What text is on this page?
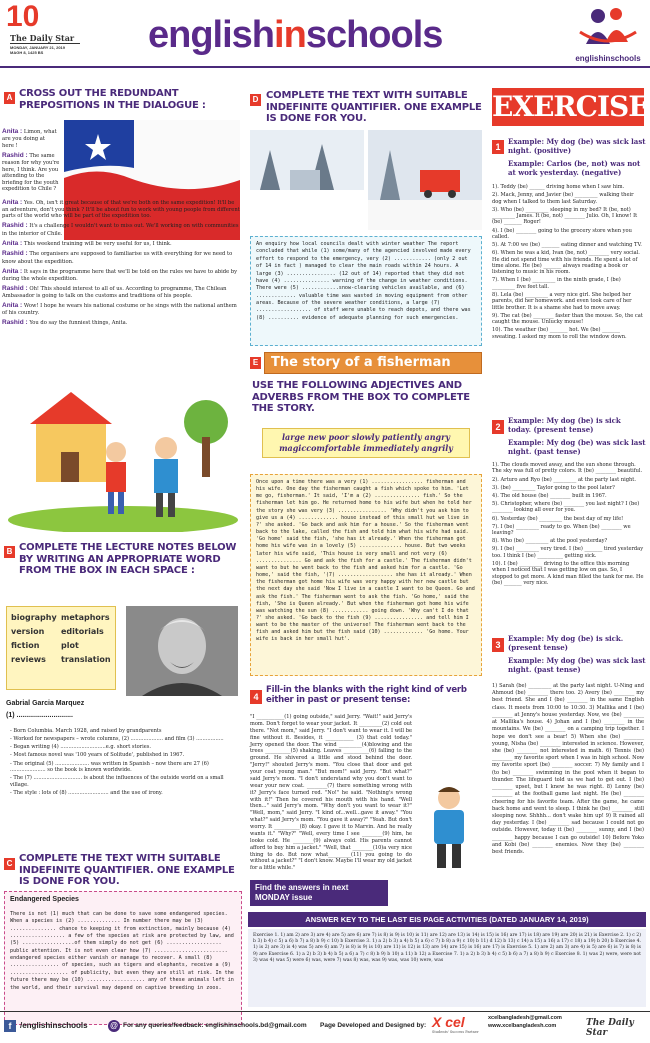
10
The Daily Star
MONDAY, JANUARY 21, 2019
MAGH 8, 1425 BS	englishinschools
englishinschools
A CROSS OUT THE REDUNDANT PREPOSITIONS IN THE DIALOGUE :

Anita : Limon, what are you doing at here !

Rashid : The same reason for why you're here, I think. Are you attending to the briefing for the youth expedition to Chile ?

Anita : Yes. Oh, isn't it great because of that we're both on the same expedition! It'll be an adventure, don't you think ? It'll be about fun to work with young people from different parts of the world who will be part of the expedition too.

Rashid : It's a challenge I wouldn't want to miss out. We'll working on with communities in the interior of Chile.

Anita : This weekend training will be very useful for us, I think.

Rashid : The organisers are supposed to familiarise us with everything for we need to know about the expedition.

Anita : It says in the programme here that we'll be told on the rules we have to abide by during the whole expedition.

Rashid : Oh! This should interest to all of us. According to programme, The Chilean Ambassador is going to talk on the customs and traditions of his people.

Anita : Wow! I hope he wears his national costume or he sings with the national anthem of his country.

Rashid : You do say the funniest things, Anita.

B COMPLETE THE LECTURE NOTES BELOW BY WRITING AN APPROPRIATE WORD FROM THE BOX IN EACH SPACE :
biography metaphors
version	editorials
fiction	plot
reviews	translation
Gabrial Garcia Marquez
(1) .............................

- Born Columbia. March 1928, and raised by grandparents

- Worked for newspapers – wrote columns, (2) .................... and film (3) .................

- Began writing (4) ............................e.g. short stories.

- Most famous novel was '100 years of Solitude', published in 1967.

- The original (5) ..................... was written in Spanish – now there are 27 (6) ...................... so the book is known worldwide.

- The (7) .............................. is about the influences of the outside world on a small village.

- The style : lots of (8) ......................... and the use of irony.

C COMPLETE THE TEXT WITH SUITABLE INDEFINITE QUANTIFIER. ONE EXAMPLE IS DONE FOR YOU.
Endangered Species
There is not (1) much that can be done to save some endangered species. When a species is (2) .............. In number there may be (3) ............... chance to keeping it from extinction, mainly because (4) .................. a few of the species at risk are protected by law, and (5) .................of them simply do not get (6) .................. public attention. It is not even clear how (7) ........................ endangered species either vanish or manage to recover. A small (8) ................ of species, such as tigers and elephants, receive a (9) ................... of publicity, but even they are still at risk. In the future there may be (10) ................... any of these animals left in the world, and their survival may depend on captive breeding in zoos.
D COMPLETE THE TEXT WITH SUITABLE INDEFINITE QUANTIFIER. ONE EXAMPLE IS DONE FOR YOU.
An enquiry how local councils dealt with winter weather The report concluded that while (1) some/many of the agencied involved made every effort to respond to the emergency, very (2) ............ (only 2 out of 14 in fact ) managed to clear the main roads within 24 hours. A large (3) ................ (12 out of 14) reported that they did not have (4) ............... warning of the change in weather conditions. There were (5) ............snow-clearing vehicles available, and (6) ............. valuable time was wasted in moving equipment from other areas. Because of the severe weather conditions, a large (7) .................. of staff were unable to reach depots, and there was (8) .......... evidence of adequate planning for such emergencies.
E The story of a fisherman
USE THE FOLLOWING ADJECTIVES AND ADVERBS FROM THE BOX TO COMPLETE THE STORY.
large new poor slowly patiently angry magiccomfortable immediately angrily
Once upon a time there was a very (1) ................. fisherman and his wife. One day the fisherman caught a fish which spoke to him. 'Let me go, fisherman.' It said, 'I'm a (2) ............... fish.' So the fisherman let him go. He returned home to his wife but when he told her the story she was very (3) ................ 'Why didn't you ask him to give us a (4) ............. house instead of this small hut we live in ?' she asked. 'Go back and ask him for a house.' So the fisherman went back to the lake, called the fish and told him what his wife had said. 'Go home' said the fish, 'she has it already.' When the fisherman got home his wife was in a lovely (5) .............. house. But two weeks later his wife said, 'This house is very small and not very (6) ............... Go and ask the fish for a castle.' The fisherman didn't want to but he went back to the fish and asked him for a castle. 'Go home,' said the fish, '(7) .................. she has it already.' When the fisherman got home his wife was very happy with her new castle but the next day she said 'Now I live in a castle I want to be Queen. Go and ask the fish.' The fisherman went to ask the fish. 'Go home,' said the fish, 'She is Queen already.' But when the fisherman got home his wife was watching the sun (8) ............ going down. 'Why can't I do that ?' she asked. 'Go back to the fish (9) ................ and tell him I want to be the master of the universe! The fisherman went back to the fish and asked him but the fish said (10) ............. 'Go home. Your wife is back in her small hut'.
4
Fill-in the blanks with the right kind of verb either in past or present tense:
"I ___________(1) going outside," said Jerry. "Wait!" said Jerry's mom. Don't forget to wear your jacket. It _________(2) cold out there. "Not mom," said Jerry. "I don't want to wear it. I will be fine without it. Besides, it ___________ (3) that cold today." Jerry opened the door. The wind _________(4)blowing and the trees __________(5) shaking. Leaves __________(6) falling to the ground. He shivered a little and stood behind the door. "Jerry!" shouted Jerry's mom. "You close that door and get your coat young man." "But mom!" said Jerry. "But what?" said Jerry's mom. "I don't understand why you don't want to wear your new coat. ________(7) there something wrong with it? Jerry's face turned red. "No!" he said. "Nothing's wrong with it!" Then he covered his mouth with his hand. "Well then..." said Jerry's mom. "Why don't you want to wear it?" "Well, mom," said Jerry. "I kind of...well...gave it away." "You what?" said Jerry's mom. "You gave it away?" "Yeah. But don't worry. It __________(8) okay. I gave it to Marvin. And he really wants it." "Why?" "Well, every time I see ________(9) him, he looke cold. He ________(9) always cold. His parents cannot afford to buy him a jacket." "Well, that ________(10)a very nice thing to do. But now what_________(11) you going to do without a jacket?" "I don't know. Maybe I'll wear my old jacket for a little while."
Find the answers in next MONDAY issue
EXERCISE
1
Example: My dog (be) was sick last night. (positive)
Example: Carlos (be, not) was not at work yesterday. (negative)

1). Teddy (be) ______ driving home when I saw him.

2). Mack, Jenny, and Javier (be) _________ walking their dog when I talked to them last Saturday.

3). Who (be) _________ sleeping in my bed? It (be, not) _________ James. It (be, not) ________ Julio. Oh, I know! It (be) _______ Roger!

4). I (be) ________ going to the grocery store when you called.

5). At 7:00 we (be) _______ eating dinner and watching TV.

6). When he was a kid, Ivan (be, not) ________ very social. He did not spend time with his friends. He spent a lot of time alone. He (be) _______ always reading a book or listening to music in his room.

7). When I (be) _________ in the ninth grade, I (be) _________ five feet tall.

8). Lela (be) _________ a very nice girl. She helped her parents, did her homework. and even took care of her little brother. It is a shame she had to move away.

9). The cat (be) ________ faster than the mouse. So, the cat caught the mouse. Unlucky mouse!

10). The weather (be) _______ hot. We (be) _______ sweating. I asked my mom to roll the window down.

2
Example: My dog (be) is sick today. (present tense)
Example: My dog (be) was sick last night. (past tense)

1). The clouds moved away, and the sun shone through. The sky was full of pretty colors. It (be) ________ beautiful.

2). Arturo and Ryo (be) _________ at the party last night.

3). (be) _________ Taylor going to the pool later?

4). The old house (be) ________ built in 1967.

5). Christopher, where (be) ________ you last night? I (be) ________ looking all over for you.

6). Yesterday (be) _________ the best day of my life!

7). I (be) _________ ready to go. When (be) ________ we leaving?

8). Who (be) _________ at the pool yesterday?

9). I (be) _________ very tired. I (be) _______ tired yesterday too. I think I (be) __________ getting sick.

10). I (be) _________ driving to the office this morning when I noticed that I was getting low on gas. So, I stopped to get more. A kind man filled the tank for me. He (be) _______ very nice.

3
Example: My dog (be) is sick. (present tense)
Example: My dog (be) was sick last night. (past tense)
1) Sarah (be) _________ at the party last night. U-Ning and Ahmoud (be) ________ there too. 2) Avery (be) ________ my best friend. She and I (be) ________ in the same English class. It meets from 10:00 to 10:30. 3) Mallika and I (be) ________ at Jenny's house yesterday. Now, we (be) ________ at Mallika's house. 4) Johan and I (be) ________ in the mountains. We (be) ________ on a camping trip together. I hope we don't see a bear! 5) When she (be) ________ young, Nisha (be) ________ interested in science. However, she (be) ________ not interested in math. 6) Tennis (be) ________ my favorite sport when I was in high school. Now my favorite sport (be) ________ soccer. 7) My family and I (to be) ________ swimming in the pool when it began to thunder. The lifeguard told us we had to get out. I (be) ________ upset, but I knew he was right. 8) Lenny (be) ________ at the football game last night. He (be) ________ cheering for his favorite team. After the game, he came back home and went to sleep. I think he (be) ________ still sleeping now. Shhhh... don't wake him up! 9) It rained all day yesterday. I (be) ________ sad because I could not go outside. However, today it (be) ________ sunny, and I (be) ________ happy because I can go outside! 10) Before Yoko and Kobi (be) ________ enemies. Now they (be) ________ best friends.
ANSWER KEY TO THE LAST EIS PAGE ACTIVITIES (DATED JANUARY 14, 2019)
Exercise 1. 1) am 2) are 3) are 4) are 5) are 6) are 7) is 8) is 9) is 10) is 11) are 12) are 13) is 14) is 15) is 16) are 17) is 18) are 19) are 20) is 21) is Exercise 2. 1) c 2) b 3) b 4) c 5) a 6) b 7) a 8) b 9) c 10) b Exercise 3. 1) a 2) b 3) a 4) b 5) a 6) c 7) b 8) a 9) c 10) b 11) d 12) b 13) c 14) a 15) a 16) a 17) c 18) a 19) b 20) b Exercise 4. 1) is 2) are 3) is 4) was 5) are 6) am 7) is 8) is 9) is 10) are 11) is 12) is 13) are 14) are 15) is 16) are 17) is Exercise 5. 1) are 2) am 3) are 4) is 5) are 6) is 7) is 8) is 9) are Exercise 6. 1) a 2) b 3) b 4) b 5) a 6) a 7) c 8) b 9) b 10) a 11) b 12) a Exercise 7. 1) a 2) b 3) b 4) c 5) b 6) a 7) a 8) b 9) c Exercise 8. 1) was 2) were, were not 3) was 4) was 5) were 6) was, were 7) was 8) was, was 9) was, was 10) were, was
f	/englishinschools	@ For any queries/feedback: englishinschools.bd@gmail.com Page Developed and Designed by: X cel
Students' Success Partner
xcelbangladesh@gmail.com
www.xcelbangladesh.com	The Daily Star
